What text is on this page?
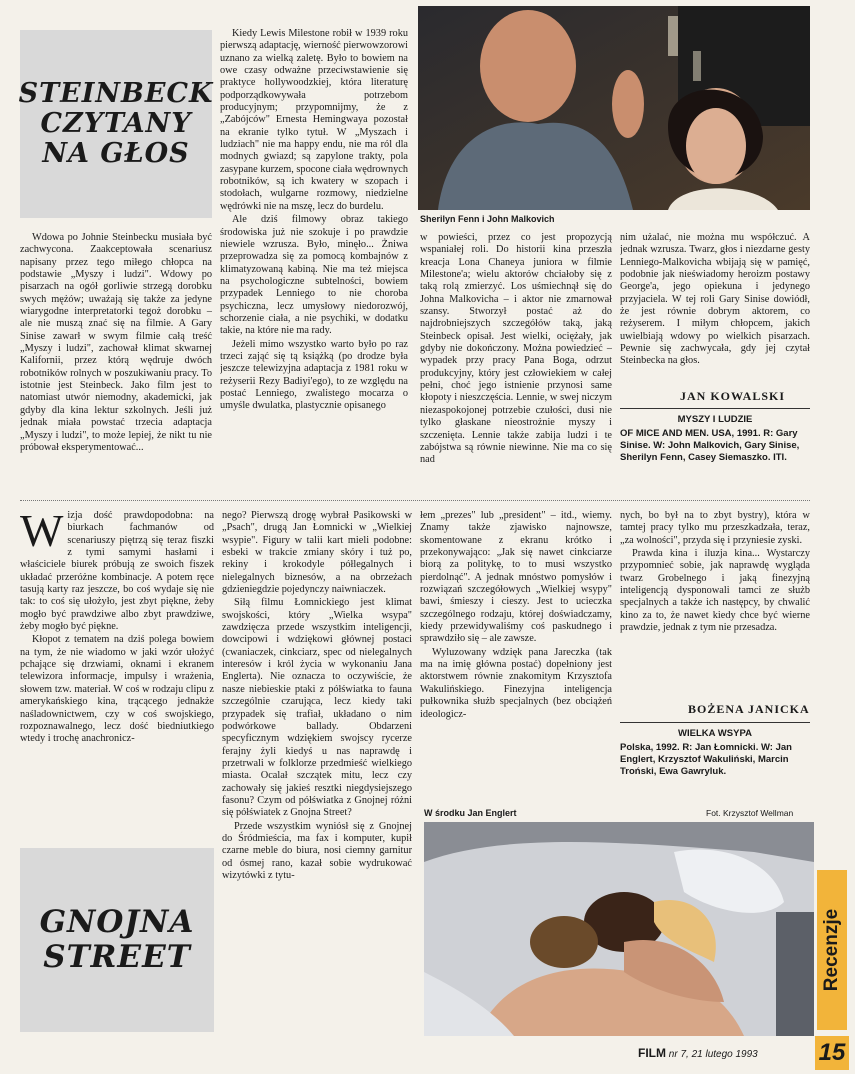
STEINBECK
CZYTANY
NA GŁOS

Wdowa po Johnie Steinbecku musiała być zachwycona. Zaakceptowała scenariusz napisany przez tego miłego chłopca na podstawie „Myszy i ludzi". Wdowy po pisarzach na ogół gorliwie strzegą dorobku swych mężów; uważają się także za jedyne wiarygodne interpretatorki tegoż dorobku – ale nie muszą znać się na filmie. A Gary Sinise zawarł w swym filmie całą treść „Myszy i ludzi", zachował klimat skwarnej Kalifornii, przez którą wędruje dwóch robotników rolnych w poszukiwaniu pracy. To istotnie jest Steinbeck. Jako film jest to natomiast utwór niemodny, akademicki, jak gdyby dla kina lektur szkolnych. Jeśli już jednak miała powstać trzecia adaptacja „Myszy i ludzi", to może lepiej, że nikt tu nie próbował eksperymentować...

Kiedy Lewis Milestone robił w 1939 roku pierwszą adaptację, wierność pierwowzorowi uznano za wielką zaletę. Było to bowiem na owe czasy odważne przeciwstawienie się praktyce hollywoodzkiej, która literaturę podporządkowywała potrzebom producyjnym; przypomnijmy, że z „Zabójców" Ernesta Hemingwaya pozostał na ekranie tylko tytuł. W „Myszach i ludziach" nie ma happy endu, nie ma ról dla modnych gwiazd; są zapylone trakty, pola zasypane kurzem, spocone ciała wędrownych robotników, są ich kwatery w szopach i stodołach, wulgarne rozmowy, niedzielne wędrówki nie na mszę, lecz do burdelu.

Ale dziś filmowy obraz takiego środowiska już nie szokuje i po prawdzie niewiele wzrusza. Było, minęło... Żniwa przeprowadza się za pomocą kombajnów z klimatyzowaną kabiną. Nie ma też miejsca na psychologiczne subtelności, bowiem przypadek Lenniego to nie choroba psychiczna, lecz umysłowy niedorozwój, schorzenie ciała, a nie psychiki, w dodatku takie, na które nie ma rady.

Jeżeli mimo wszystko warto było po raz trzeci zająć się tą książką (po drodze była jeszcze telewizyjna adaptacja z 1981 roku w reżyserii Rezy Badiyi'ego), to ze względu na postać Lenniego, zwalistego mocarza o umyśle dwulatka, plastycznie opisanego

Sherilyn Fenn i John Malkovich

w powieści, przez co jest propozycją wspaniałej roli. Do historii kina przeszła kreacja Lona Chaneya juniora w filmie Milestone'a; wielu aktorów chciałoby się z taką rolą zmierzyć. Los uśmiechnął się do Johna Malkovicha – i aktor nie zmarnował szansy. Stworzył postać aż do najdrobniejszych szczegółów taką, jaką Steinbeck opisał. Jest wielki, ociężały, jak gdyby nie dokończony. Można powiedzieć – wypadek przy pracy Pana Boga, odrzut produkcyjny, który jest człowiekiem w całej pełni, choć jego istnienie przynosi same kłopoty i nieszczęścia. Lennie, w swej niczym niezaspokojonej potrzebie czułości, dusi nie tylko głaskane nieostrożnie myszy i szczenięta. Lennie także zabija ludzi i te zabójstwa są równie niewinne. Nie ma co się nad

nim użalać, nie można mu współczuć. A jednak wzrusza. Twarz, głos i niezdarne gesty Lenniego-Malkovicha wbijają się w pamięć, podobnie jak nieświadomy heroizm postawy George'a, jego opiekuna i jedynego przyjaciela. W tej roli Gary Sinise dowiódł, że jest równie dobrym aktorem, co reżyserem. I miłym chłopcem, jakich uwielbiają wdowy po wielkich pisarzach. Pewnie się zachwycała, gdy jej czytał Steinbecka na głos.

JAN KOWALSKI
MYSZY I LUDZIE
OF MICE AND MEN. USA, 1991. R: Gary Sinise. W: John Malkovich, Gary Sinise, Sherilyn Fenn, Casey Siemaszko. ITI.
W izja dość prawdopodobna: na biurkach fachmanów od scenariuszy piętrzą się teraz fiszki z tymi samymi hasłami i właściciele biurek próbują ze swoich fiszek układać przeróżne kombinacje. A potem ręce tasują karty raz jeszcze, bo coś wydaje się nie tak: to coś się ułożyło, jest zbyt piękne, żeby mogło być prawdziwe albo zbyt prawdziwe, żeby mogło być piękne.

Kłopot z tematem na dziś polega bowiem na tym, że nie wiadomo w jaki wzór ułożyć pchające się drzwiami, oknami i ekranem telewizora informacje, impulsy i wrażenia, słowem tzw. materiał. W coś w rodzaju clipu z amerykańskiego kina, trącącego jednakże naśladownictwem, czy w coś swojskiego, rozpoznawalnego, lecz dość biedniutkiego wtedy i trochę anachronicz-

GNOJNA
STREET

nego? Pierwszą drogę wybrał Pasikowski w „Psach", drugą Jan Łomnicki w „Wielkiej wsypie". Figury w talii kart mieli podobne: esbeki w trakcie zmiany skóry i tuż po, rekiny i krokodyle półlegalnych i nielegalnych biznesów, a na obrzeżach gdzieniegdzie pojedynczy naiwniaczek.

Siłą filmu Łomnickiego jest klimat swojskości, który „Wielka wsypa" zawdzięcza przede wszystkim inteligencji, dowcipowi i wdziękowi głównej postaci (cwaniaczek, cinkciarz, spec od nielegalnych interesów i król życia w wykonaniu Jana Englerta). Nie oznacza to oczywiście, że nasze niebieskie ptaki z półświatka to fauna szczególnie czarująca, lecz kiedy taki przypadek się trafiał, układano o nim podwórkowe ballady. Obdarzeni specyficznym wdziękiem swojscy rycerze ferajny żyli kiedyś u nas naprawdę i przetrwali w folklorze przedmieść wielkiego miasta. Ocalał szczątek mitu, lecz czy zachowały się jakieś resztki niegdysiejszego fasonu? Czym od półświatka z Gnojnej różni się półświatek z Gnojna Street?

Przede wszystkim wyniósł się z Gnojnej do Śródmieścia, ma fax i komputer, kupił czarne meble do biura, nosi ciemny garnitur od ósmej rano, kazał sobie wydrukować wizytówki z tytu-

łem „prezes" lub „president" – itd., wiemy. Znamy także zjawisko najnowsze, skomentowane z ekranu krótko i przekonywająco: „Jak się nawet cinkciarze biorą za politykę, to to musi wszystko pierdolnąć". A jednak mnóstwo pomysłów i rozwiązań szczegółowych „Wielkiej wsypy" bawi, śmieszy i cieszy. Jest to ucieczka szczególnego rodzaju, której doświadczamy, kiedy przewidywaliśmy coś paskudnego i sprawdziło się – ale zawsze.

Wyluzowany wdzięk pana Jareczka (tak ma na imię główna postać) dopełniony jest aktorstwem równie znakomitym Krzysztofa Wakulińskiego. Finezyjna inteligencja pułkownika służb specjalnych (bez obciążeń ideologicz-

nych, bo był na to zbyt bystry), która w tamtej pracy tylko mu przeszkadzała, teraz, „za wolności", przyda się i przyniesie zyski.

Prawda kina i iluzja kina... Wystarczy przypomnieć sobie, jak naprawdę wygląda twarz Grobelnego i jaką finezyjną inteligencją dysponowali tamci ze służb specjalnych a także ich następcy, by chwalić kino za to, że nawet kiedy chce być wierne prawdzie, jednak z tym nie przesadza.

BOŻENA JANICKA
WIELKA WSYPA
Polska, 1992. R: Jan Łomnicki. W: Jan Englert, Krzysztof Wakuliński, Marcin Troński, Ewa Gawryluk.
W środku Jan Englert	Fot. Krzysztof Wellman
Recenzje
FILM nr 7, 21 lutego 1993	15
